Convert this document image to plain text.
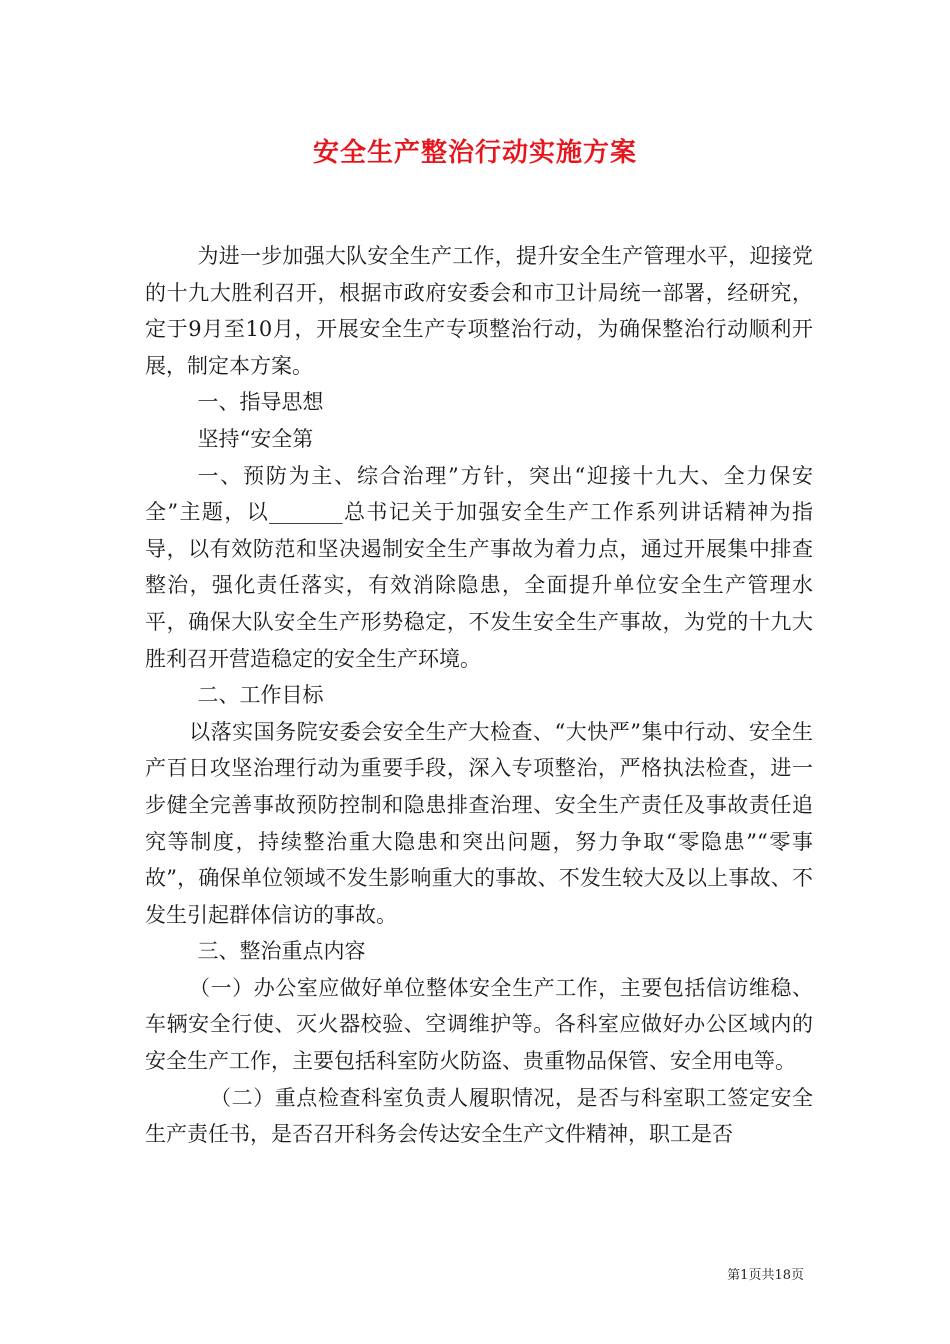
安全生产整治行动实施方案

为进一步加强大队安全生产工作，提升安全生产管理水平，迎接党的十九大胜利召开，根据市政府安委会和市卫计局统一部署，经研究，定于9月至10月，开展安全生产专项整治行动，为确保整治行动顺利开展，制定本方案。

一、指导思想

坚持“安全第

一、预防为主、综合治理”方针，突出“迎接十九大、全力保安全”主题，以_______总书记关于加强安全生产工作系列讲话精神为指导，以有效防范和坚决遏制安全生产事故为着力点，通过开展集中排查整治，强化责任落实，有效消除隐患，全面提升单位安全生产管理水平，确保大队安全生产形势稳定，不发生安全生产事故，为党的十九大胜利召开营造稳定的安全生产环境。

二、工作目标

以落实国务院安委会安全生产大检查、“大快严”集中行动、安全生产百日攻坚治理行动为重要手段，深入专项整治，严格执法检查，进一步健全完善事故预防控制和隐患排查治理、安全生产责任及事故责任追究等制度，持续整治重大隐患和突出问题，努力争取“零隐患”“零事故”，确保单位领域不发生影响重大的事故、不发生较大及以上事故、不发生引起群体信访的事故。

三、整治重点内容

（一）办公室应做好单位整体安全生产工作，主要包括信访维稳、车辆安全行使、灭火器校验、空调维护等。各科室应做好办公区域内的安全生产工作，主要包括科室防火防盗、贵重物品保管、安全用电等。

（二）重点检查科室负责人履职情况，是否与科室职工签定安全生产责任书，是否召开科务会传达安全生产文件精神，职工是否

第1页共18页
